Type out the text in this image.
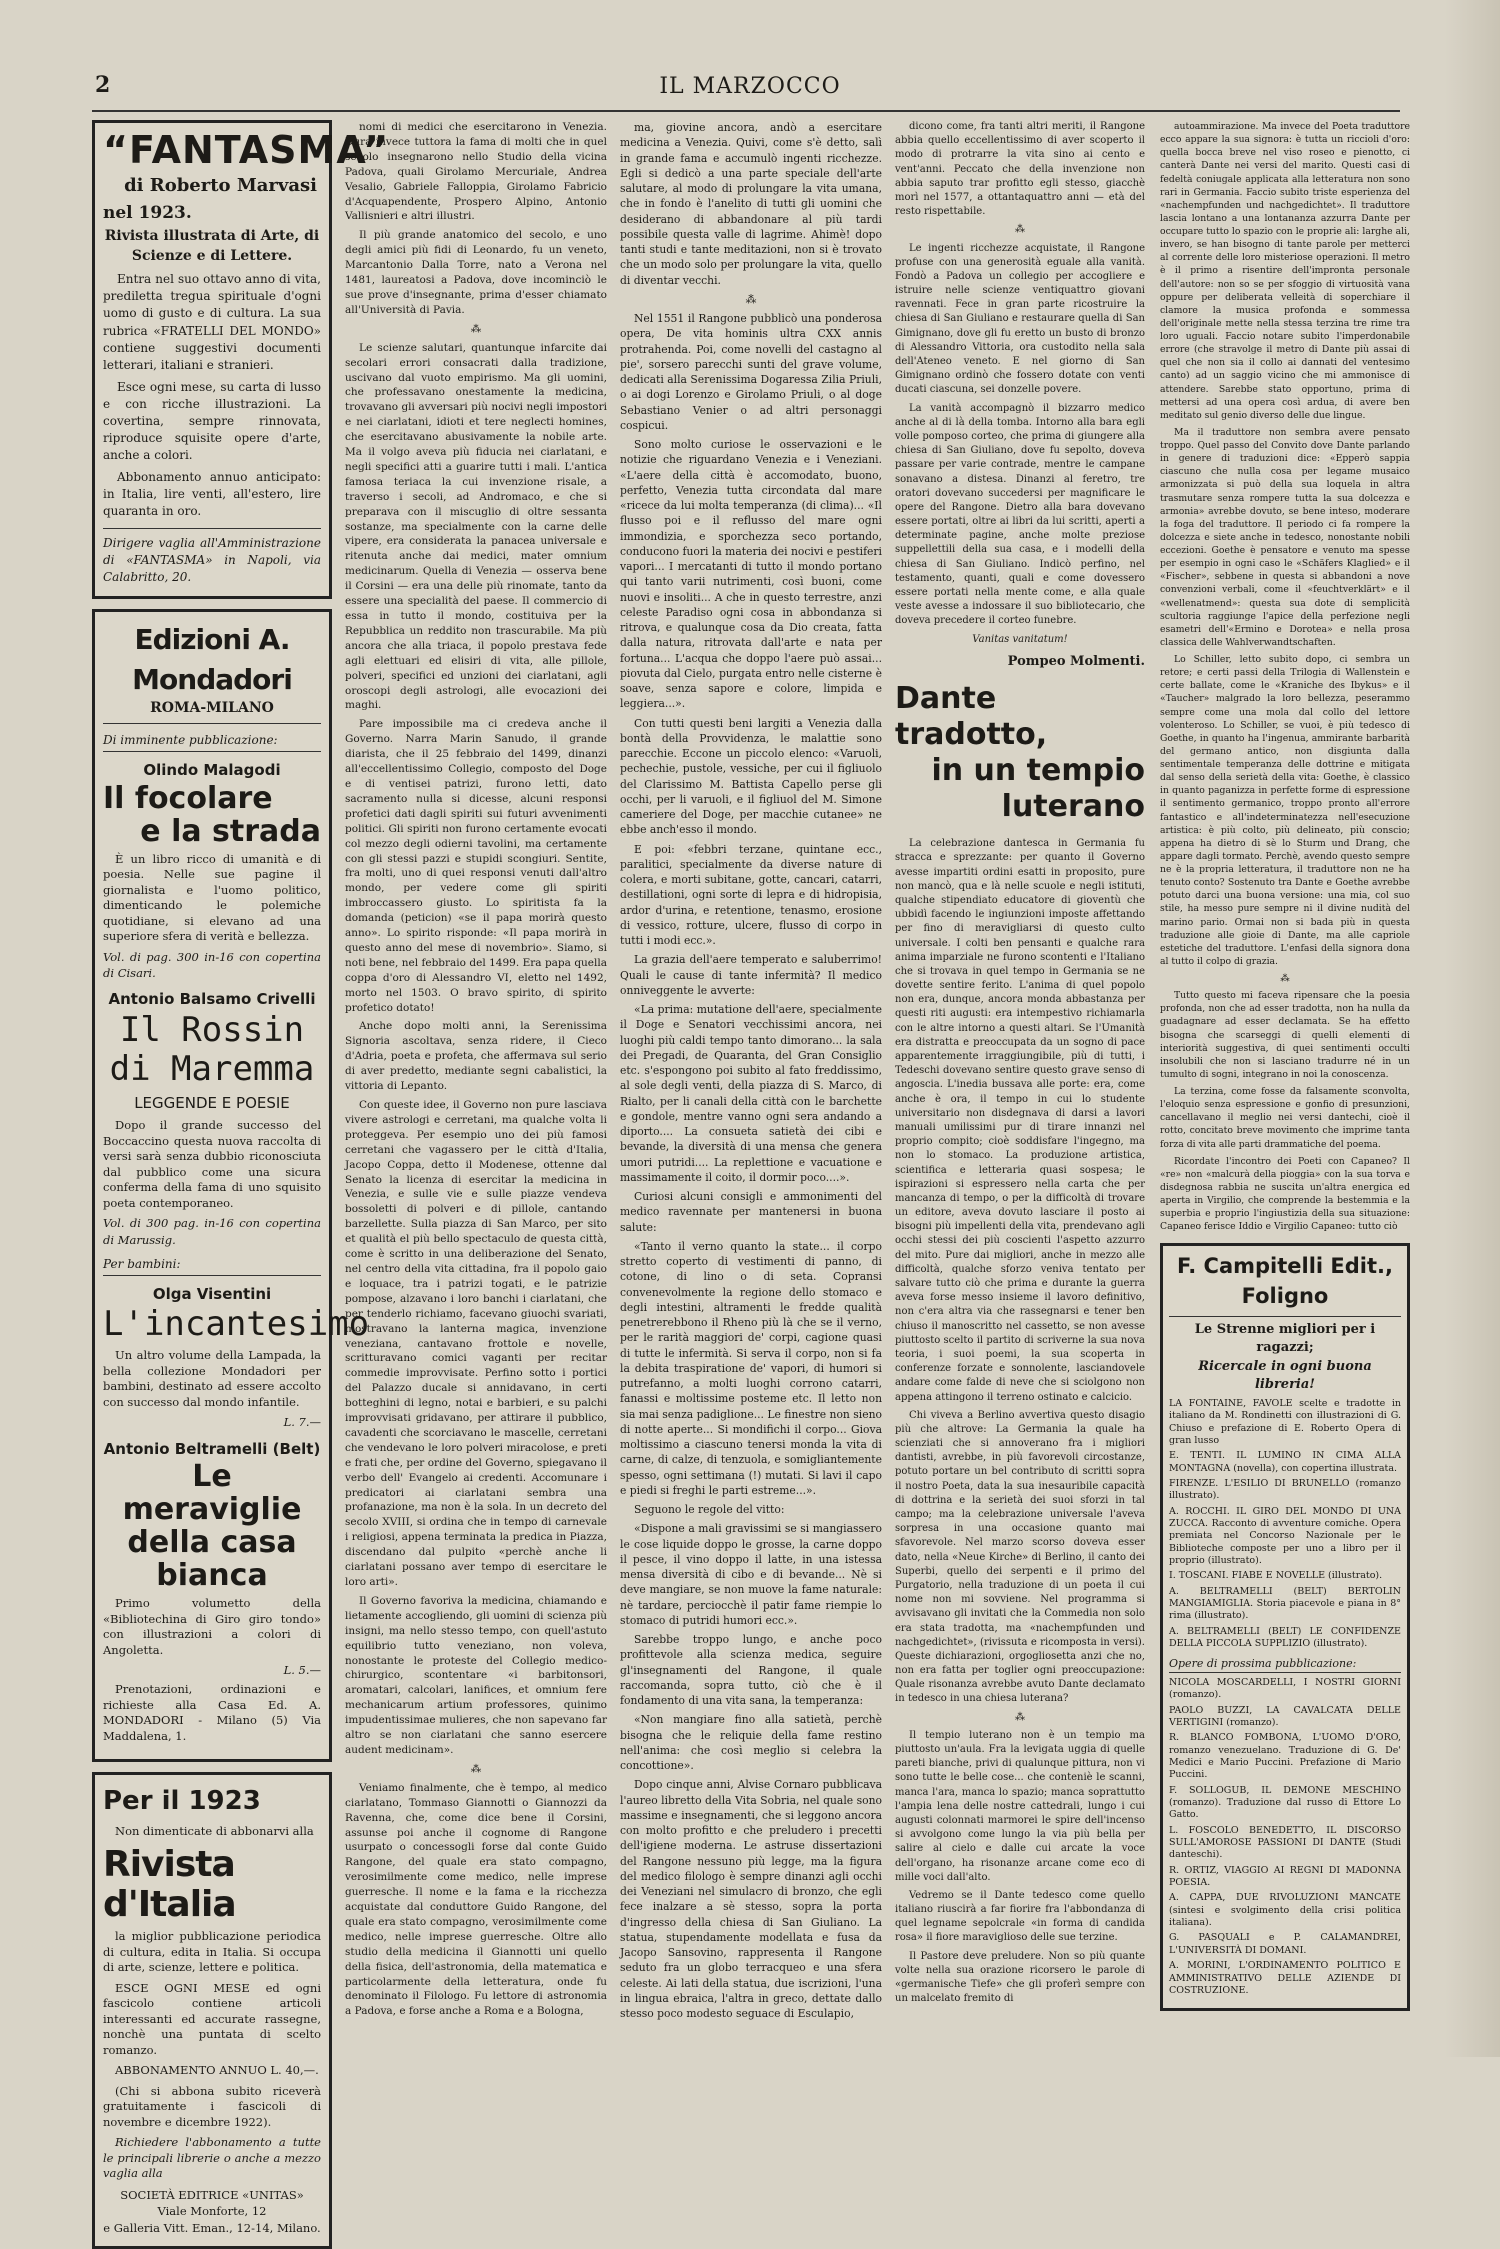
2	IL MARZOCCO
“FANTASMA”
di Roberto Marvasi
nel 1923.
Rivista illustrata di Arte, di Scienze e di Lettere.

Entra nel suo ottavo anno di vita, prediletta tregua spirituale d'ogni uomo di gusto e di cultura. La sua rubrica «FRATELLI DEL MONDO» contiene suggestivi documenti letterari, italiani e stranieri.

Esce ogni mese, su carta di lusso e con ricche illustrazioni. La covertina, sempre rinnovata, riproduce squisite opere d'arte, anche a colori.

Abbonamento annuo anticipato: in Italia, lire venti, all'estero, lire quaranta in oro.

Dirigere vaglia all'Amministrazione di «FANTASMA» in Napoli, via Calabritto, 20.
Edizioni A. Mondadori
ROMA-MILANO
Di imminente pubblicazione:
Olindo Malagodi
Il focolare
e la strada
È un libro ricco di umanità e di poesia. Nelle sue pagine il giornalista e l'uomo politico, dimenticando le polemiche quotidiane, si elevano ad una superiore sfera di verità e bellezza.
Vol. di pag. 300 in-16 con copertina di Cisari.
Antonio Balsamo Crivelli
Il Rossin
di Maremma
LEGGENDE E POESIE
Dopo il grande successo del Boccaccino questa nuova raccolta di versi sarà senza dubbio riconosciuta dal pubblico come una sicura conferma della fama di uno squisito poeta contemporaneo.
Vol. di 300 pag. in-16 con copertina di Marussig.
Per bambini:
Olga Visentini
L'incantesimo
Un altro volume della Lampada, la bella collezione Mondadori per bambini, destinato ad essere accolto con successo dal mondo infantile.
L. 7.—
Antonio Beltramelli (Belt)
Le meraviglie
della casa bianca
Primo volumetto della «Bibliotechina di Giro giro tondo» con illustrazioni a colori di Angoletta.
L. 5.—
Prenotazioni, ordinazioni e richieste alla Casa Ed. A. MONDADORI - Milano (5) Via Maddalena, 1.
Per il 1923

Non dimenticate di abbonarvi alla

Rivista d'Italia

la miglior pubblicazione periodica di cultura, edita in Italia. Si occupa di arte, scienze, lettere e politica.

ESCE OGNI MESE ed ogni fascicolo contiene articoli interessanti ed accurate rassegne, nonchè una puntata di scelto romanzo.

ABBONAMENTO ANNUO L. 40,—.

(Chi si abbona subito riceverà gratuitamente i fascicoli di novembre e dicembre 1922).

Richiedere l'abbonamento a tutte le principali librerie o anche a mezzo vaglia alla

SOCIETÀ EDITRICE «UNITAS»
Viale Monforte, 12
e Galleria Vitt. Eman., 12-14, Milano.

nomi di medici che esercitarono in Venezia. Dura invece tuttora la fama di molti che in quel secolo insegnarono nello Studio della vicina Padova, quali Girolamo Mercuriale, Andrea Vesalio, Gabriele Falloppia, Girolamo Fabricio d'Acquapendente, Prospero Alpino, Antonio Vallisnieri e altri illustri.

Il più grande anatomico del secolo, e uno degli amici più fidi di Leonardo, fu un veneto, Marcantonio Dalla Torre, nato a Verona nel 1481, laureatosi a Padova, dove incominciò le sue prove d'insegnante, prima d'esser chiamato all'Università di Pavia.

⁂

Le scienze salutari, quantunque infarcite dai secolari errori consacrati dalla tradizione, uscivano dal vuoto empirismo. Ma gli uomini, che professavano onestamente la medicina, trovavano gli avversari più nocivi negli impostori e nei ciarlatani, idioti et tere neglecti homines, che esercitavano abusivamente la nobile arte. Ma il volgo aveva più fiducia nei ciarlatani, e negli specifici atti a guarire tutti i mali. L'antica famosa teriaca la cui invenzione risale, a traverso i secoli, ad Andromaco, e che si preparava con il miscuglio di oltre sessanta sostanze, ma specialmente con la carne delle vipere, era considerata la panacea universale e ritenuta anche dai medici, mater omnium medicinarum. Quella di Venezia — osserva bene il Corsini — era una delle più rinomate, tanto da essere una specialità del paese. Il commercio di essa in tutto il mondo, costituiva per la Repubblica un reddito non trascurabile. Ma più ancora che alla triaca, il popolo prestava fede agli elettuari ed elisiri di vita, alle pillole, polveri, specifici ed unzioni dei ciarlatani, agli oroscopi degli astrologi, alle evocazioni dei maghi.

Pare impossibile ma ci credeva anche il Governo. Narra Marin Sanudo, il grande diarista, che il 25 febbraio del 1499, dinanzi all'eccellentissimo Collegio, composto del Doge e di ventisei patrizi, furono letti, dato sacramento nulla si dicesse, alcuni responsi profetici dati dagli spiriti sui futuri avvenimenti politici. Gli spiriti non furono certamente evocati col mezzo degli odierni tavolini, ma certamente con gli stessi pazzi e stupidi scongiuri. Sentite, fra molti, uno di quei responsi venuti dall'altro mondo, per vedere come gli spiriti imbroccassero giusto. Lo spiritista fa la domanda (peticion) «se il papa morirà questo anno». Lo spirito risponde: «Il papa morirà in questo anno del mese di novembrio». Siamo, si noti bene, nel febbraio del 1499. Era papa quella coppa d'oro di Alessandro VI, eletto nel 1492, morto nel 1503. O bravo spirito, di spirito profetico dotato!

Anche dopo molti anni, la Serenissima Signoria ascoltava, senza ridere, il Cieco d'Adria, poeta e profeta, che affermava sul serio di aver predetto, mediante segni cabalistici, la vittoria di Lepanto.

Con queste idee, il Governo non pure lasciava vivere astrologi e cerretani, ma qualche volta li proteggeva. Per esempio uno dei più famosi cerretani che vagassero per le città d'Italia, Jacopo Coppa, detto il Modenese, ottenne dal Senato la licenza di esercitar la medicina in Venezia, e sulle vie e sulle piazze vendeva bossoletti di polveri e di pillole, cantando barzellette. Sulla piazza di San Marco, per sito et qualità el più bello spectaculo de questa città, come è scritto in una deliberazione del Senato, nel centro della vita cittadina, fra il popolo gaio e loquace, tra i patrizi togati, e le patrizie pompose, alzavano i loro banchi i ciarlatani, che per tenderlo richiamo, facevano giuochi svariati, mostravano la lanterna magica, invenzione veneziana, cantavano frottole e novelle, scritturavano comici vaganti per recitar commedie improvvisate. Perfino sotto i portici del Palazzo ducale si annidavano, in certi botteghini di legno, notai e barbieri, e su palchi improvvisati gridavano, per attirare il pubblico, cavadenti che scorciavano le mascelle, cerretani che vendevano le loro polveri miracolose, e preti e frati che, per ordine del Governo, spiegavano il verbo dell' Evangelo ai credenti. Accomunare i predicatori ai ciarlatani sembra una profanazione, ma non è la sola. In un decreto del secolo XVIII, si ordina che in tempo di carnevale i religiosi, appena terminata la predica in Piazza, discendano dal pulpito «perchè anche li ciarlatani possano aver tempo di esercitare le loro arti».

Il Governo favoriva la medicina, chiamando e lietamente accogliendo, gli uomini di scienza più insigni, ma nello stesso tempo, con quell'astuto equilibrio tutto veneziano, non voleva, nonostante le proteste del Collegio medico-chirurgico, scontentare «i barbitonsori, aromatari, calcolari, lanifices, et omnium fere mechanicarum artium professores, quinimo impudentissimae mulieres, che non sapevano far altro se non ciarlatani che sanno esercere audent medicinam».

⁂

Veniamo finalmente, che è tempo, al medico ciarlatano, Tommaso Giannotti o Giannozzi da Ravenna, che, come dice bene il Corsini, assunse poi anche il cognome di Rangone usurpato o concessogli forse dal conte Guido Rangone, del quale era stato compagno, verosimilmente come medico, nelle imprese guerresche. Il nome e la fama e la ricchezza acquistate dal conduttore Guido Rangone, del quale era stato compagno, verosimilmente come medico, nelle imprese guerresche. Oltre allo studio della medicina il Giannotti uni quello della fisica, dell'astronomia, della matematica e particolarmente della letteratura, onde fu denominato il Filologo. Fu lettore di astronomia a Padova, e forse anche a Roma e a Bologna,

ma, giovine ancora, andò a esercitare medicina a Venezia. Quivi, come s'è detto, salì in grande fama e accumulò ingenti ricchezze. Egli si dedicò a una parte speciale dell'arte salutare, al modo di prolungare la vita umana, che in fondo è l'anelito di tutti gli uomini che desiderano di abbandonare al più tardi possibile questa valle di lagrime. Ahimè! dopo tanti studi e tante meditazioni, non si è trovato che un modo solo per prolungare la vita, quello di diventar vecchi.

⁂

Nel 1551 il Rangone pubblicò una ponderosa opera, De vita hominis ultra CXX annis protrahenda. Poi, come novelli del castagno al pie', sorsero parecchi sunti del grave volume, dedicati alla Serenissima Dogaressa Zilia Priuli, o ai dogi Lorenzo e Girolamo Priuli, o al doge Sebastiano Venier o ad altri personaggi cospicui.

Sono molto curiose le osservazioni e le notizie che riguardano Venezia e i Veneziani. «L'aere della città è accomodato, buono, perfetto, Venezia tutta circondata dal mare «ricece da lui molta temperanza (di clima)... «Il flusso poi e il reflusso del mare ogni immondizia, e sporchezza seco portando, conducono fuori la materia dei nocivi e pestiferi vapori... I mercatanti di tutto il mondo portano qui tanto varii nutrimenti, così buoni, come nuovi e insoliti... A che in questo terrestre, anzi celeste Paradiso ogni cosa in abbondanza si ritrova, e qualunque cosa da Dio creata, fatta dalla natura, ritrovata dall'arte e nata per fortuna... L'acqua che doppo l'aere può assai... piovuta dal Cielo, purgata entro nelle cisterne è soave, senza sapore e colore, limpida e leggiera...».

Con tutti questi beni largiti a Venezia dalla bontà della Provvidenza, le malattie sono parecchie. Eccone un piccolo elenco: «Varuoli, pechechie, pustole, vessiche, per cui il figliuolo del Clarissimo M. Battista Capello perse gli occhi, per li varuoli, e il figliuol del M. Simone cameriere del Doge, per macchie cutanee» ne ebbe anch'esso il mondo.

E poi: «febbri terzane, quintane ecc., paralitici, specialmente da diverse nature di colera, e morti subitane, gotte, cancari, catarri, destillationi, ogni sorte di lepra e di hidropisia, ardor d'urina, e retentione, tenasmo, erosione di vessico, rotture, ulcere, flusso di corpo in tutti i modi ecc.».

La grazia dell'aere temperato e saluberrimo! Quali le cause di tante infermità? Il medico onniveggente le avverte:

«La prima: mutatione dell'aere, specialmente il Doge e Senatori vecchissimi ancora, nei luoghi più caldi tempo tanto dimorano... la sala dei Pregadi, de Quaranta, del Gran Consiglio etc. s'espongono poi subito al fato freddissimo, al sole degli venti, della piazza di S. Marco, di Rialto, per li canali della città con le barchette e gondole, mentre vanno ogni sera andando a diporto.... La consueta satietà dei cibi e bevande, la diversità di una mensa che genera umori putridi.... La replettione e vacuatione e massimamente il coito, il dormir poco....».

Curiosi alcuni consigli e ammonimenti del medico ravennate per mantenersi in buona salute:

«Tanto il verno quanto la state... il corpo stretto coperto di vestimenti di panno, di cotone, di lino o di seta. Copransi convenevolmente la regione dello stomaco e degli intestini, altramenti le fredde qualità penetrerebbono il Rheno più là che se il verno, per le rarità maggiori de' corpi, cagione quasi di tutte le infermità. Si serva il corpo, non si fa la debita traspiratione de' vapori, di humori si putrefanno, a molti luoghi corrono catarri, fanassi e moltissime posteme etc. Il letto non sia mai senza padiglione... Le finestre non sieno di notte aperte... Si mondifichi il corpo... Giova moltissimo a ciascuno tenersi monda la vita di carne, di calze, di tenzuola, e somigliantemente spesso, ogni settimana (!) mutati. Si lavi il capo e piedi si freghi le parti estreme...».

Seguono le regole del vitto:

«Dispone a mali gravissimi se si mangiassero le cose liquide doppo le grosse, la carne doppo il pesce, il vino doppo il latte, in una istessa mensa diversità di cibo e di bevande... Nè si deve mangiare, se non muove la fame naturale: nè tardare, perciocchè il patir fame riempie lo stomaco di putridi humori ecc.».

Sarebbe troppo lungo, e anche poco profittevole alla scienza medica, seguire gl'insegnamenti del Rangone, il quale raccomanda, sopra tutto, ciò che è il fondamento di una vita sana, la temperanza:

«Non mangiare fino alla satietà, perchè bisogna che le reliquie della fame restino nell'anima: che così meglio si celebra la concottione».

Dopo cinque anni, Alvise Cornaro pubblicava l'aureo libretto della Vita Sobria, nel quale sono massime e insegnamenti, che si leggono ancora con molto profitto e che preludero i precetti dell'igiene moderna. Le astruse dissertazioni del Rangone nessuno più legge, ma la figura del medico filologo è sempre dinanzi agli occhi dei Veneziani nel simulacro di bronzo, che egli fece inalzare a sè stesso, sopra la porta d'ingresso della chiesa di San Giuliano. La statua, stupendamente modellata e fusa da Jacopo Sansovino, rappresenta il Rangone seduto fra un globo terracqueo e una sfera celeste. Ai lati della statua, due iscrizioni, l'una in lingua ebraica, l'altra in greco, dettate dallo stesso poco modesto seguace di Esculapio,

dicono come, fra tanti altri meriti, il Rangone abbia quello eccellentissimo di aver scoperto il modo di protrarre la vita sino ai cento e vent'anni. Peccato che della invenzione non abbia saputo trar profitto egli stesso, giacchè morì nel 1577, a ottantaquattro anni — età del resto rispettabile.

⁂

Le ingenti ricchezze acquistate, il Rangone profuse con una generosità eguale alla vanità. Fondò a Padova un collegio per accogliere e istruire nelle scienze ventiquattro giovani ravennati. Fece in gran parte ricostruire la chiesa di San Giuliano e restaurare quella di San Gimignano, dove gli fu eretto un busto di bronzo di Alessandro Vittoria, ora custodito nella sala dell'Ateneo veneto. E nel giorno di San Gimignano ordinò che fossero dotate con venti ducati ciascuna, sei donzelle povere.

La vanità accompagnò il bizzarro medico anche al di là della tomba. Intorno alla bara egli volle pomposo corteo, che prima di giungere alla chiesa di San Giuliano, dove fu sepolto, doveva passare per varie contrade, mentre le campane sonavano a distesa. Dinanzi al feretro, tre oratori dovevano succedersi per magnificare le opere del Rangone. Dietro alla bara dovevano essere portati, oltre ai libri da lui scritti, aperti a determinate pagine, anche molte preziose suppellettili della sua casa, e i modelli della chiesa di San Giuliano. Indicò perfino, nel testamento, quanti, quali e come dovessero essere portati nella mente come, e alla quale veste avesse a indossare il suo bibliotecario, che doveva precedere il corteo funebre.

Vanitas vanitatum!
Pompeo Molmenti.
Dante tradotto,
in un tempio
luterano

La celebrazione dantesca in Germania fu stracca e sprezzante: per quanto il Governo avesse impartiti ordini esatti in proposito, pure non mancò, qua e là nelle scuole e negli istituti, qualche stipendiato educatore di gioventù che ubbidì facendo le ingiunzioni imposte affettando per fino di meravigliarsi di questo culto universale. I colti ben pensanti e qualche rara anima imparziale ne furono scontenti e l'Italiano che si trovava in quel tempo in Germania se ne dovette sentire ferito. L'anima di quel popolo non era, dunque, ancora monda abbastanza per questi riti augusti: era intempestivo richiamarla con le altre intorno a questi altari. Se l'Umanità era distratta e preoccupata da un sogno di pace apparentemente irraggiungibile, più di tutti, i Tedeschi dovevano sentire questo grave senso di angoscia. L'inedia bussava alle porte: era, come anche è ora, il tempo in cui lo studente universitario non disdegnava di darsi a lavori manuali umilissimi pur di tirare innanzi nel proprio compito; cioè soddisfare l'ingegno, ma non lo stomaco. La produzione artistica, scientifica e letteraria quasi sospesa; le ispirazioni si espressero nella carta che per mancanza di tempo, o per la difficoltà di trovare un editore, aveva dovuto lasciare il posto ai bisogni più impellenti della vita, prendevano agli occhi stessi dei più coscienti l'aspetto azzurro del mito. Pure dai migliori, anche in mezzo alle difficoltà, qualche sforzo veniva tentato per salvare tutto ciò che prima e durante la guerra aveva forse messo insieme il lavoro definitivo, non c'era altra via che rassegnarsi e tener ben chiuso il manoscritto nel cassetto, se non avesse piuttosto scelto il partito di scriverne la sua nova teoria, i suoi poemi, la sua scoperta in conferenze forzate e sonnolente, lasciandovele andare come falde di neve che si sciolgono non appena attingono il terreno ostinato e calcicio.

Chi viveva a Berlino avvertiva questo disagio più che altrove: La Germania la quale ha scienziati che si annoverano fra i migliori dantisti, avrebbe, in più favorevoli circostanze, potuto portare un bel contributo di scritti sopra il nostro Poeta, data la sua inesauribile capacità di dottrina e la serietà dei suoi sforzi in tal campo; ma la celebrazione universale l'aveva sorpresa in una occasione quanto mai sfavorevole. Nel marzo scorso doveva esser dato, nella «Neue Kirche» di Berlino, il canto dei Superbi, quello dei serpenti e il primo del Purgatorio, nella traduzione di un poeta il cui nome non mi sovviene. Nel programma si avvisavano gli invitati che la Commedia non solo era stata tradotta, ma «nachempfunden und nachgedichtet», (rivissuta e ricomposta in versi). Queste dichiarazioni, orgogliosetta anzi che no, non era fatta per toglier ogni preoccupazione: Quale risonanza avrebbe avuto Dante declamato in tedesco in una chiesa luterana?

⁂

Il tempio luterano non è un tempio ma piuttosto un'aula. Fra la levigata uggia di quelle pareti bianche, privi di qualunque pittura, non vi sono tutte le belle cose... che conteniè le scanni, manca l'ara, manca lo spazio; manca soprattutto l'ampia lena delle nostre cattedrali, lungo i cui augusti colonnati marmorei le spire dell'incenso si avvolgono come lungo la via più bella per salire al cielo e dalle cui arcate la voce dell'organo, ha risonanze arcane come eco di mille voci dall'alto.

Vedremo se il Dante tedesco come quello italiano riuscirà a far fiorire fra l'abbondanza di quel legname sepolcrale «in forma di candida rosa» il fiore maraviglioso delle sue terzine.

Il Pastore deve preludere. Non so più quante volte nella sua orazione ricorsero le parole di «germanische Tiefe» che gli proferì sempre con un malcelato fremito di

autoammirazione. Ma invece del Poeta traduttore ecco appare la sua signora: è tutta un riccioli d'oro: quella bocca breve nel viso roseo e pienotto, ci canterà Dante nei versi del marito. Questi casi di fedeltà coniugale applicata alla letteratura non sono rari in Germania. Faccio subito triste esperienza del «nachempfunden und nachgedichtet». Il traduttore lascia lontano a una lontananza azzurra Dante per occupare tutto lo spazio con le proprie ali: larghe ali, invero, se han bisogno di tante parole per metterci al corrente delle loro misteriose operazioni. Il metro è il primo a risentire dell'impronta personale dell'autore: non so se per sfoggio di virtuosità vana oppure per deliberata velleità di soperchiare il clamore la musica profonda e sommessa dell'originale mette nella stessa terzina tre rime tra loro uguali. Faccio notare subito l'imperdonabile errore (che stravolge il metro di Dante più assai di quel che non sia il collo ai dannati del ventesimo canto) ad un saggio vicino che mi ammonisce di attendere. Sarebbe stato opportuno, prima di mettersi ad una opera così ardua, di avere ben meditato sul genio diverso delle due lingue.

Ma il traduttore non sembra avere pensato troppo. Quel passo del Convito dove Dante parlando in genere di traduzioni dice: «Epperò sappia ciascuno che nulla cosa per legame musaico armonizzata si può della sua loquela in altra trasmutare senza rompere tutta la sua dolcezza e armonia» avrebbe dovuto, se bene inteso, moderare la foga del traduttore. Il periodo ci fa rompere la dolcezza e siete anche in tedesco, nonostante nobili eccezioni. Goethe è pensatore e venuto ma spesse per esempio in ogni caso le «Schäfers Klaglied» e il «Fischer», sebbene in questa si abbandoni a nove convenzioni verbali, come il «feuchtverklärt» e il «wellenatmend»: questa sua dote di semplicità scultoria raggiunge l'apice della perfezione negli esametri dell'«Ermino e Dorotea» e nella prosa classica delle Wahlverwandtschaften.

Lo Schiller, letto subito dopo, ci sembra un retore; e certi passi della Trilogia di Wallenstein e certe ballate, come le «Kraniche des Ibykus» e il «Taucher» malgrado la loro bellezza, peserammo sempre come una mola dal collo del lettore volenteroso. Lo Schiller, se vuoi, è più tedesco di Goethe, in quanto ha l'ingenua, ammirante barbarità del germano antico, non disgiunta dalla sentimentale temperanza delle dottrine e mitigata dal senso della serietà della vita: Goethe, è classico in quanto paganizza in perfette forme di espressione il sentimento germanico, troppo pronto all'errore fantastico e all'indeterminatezza nell'esecuzione artistica: è più colto, più delineato, più conscio; appena ha dietro di sè lo Sturm und Drang, che appare dagli tormato. Perchè, avendo questo sempre ne è la propria letteratura, il traduttore non ne ha tenuto conto? Sostenuto tra Dante e Goethe avrebbe potuto darci una buona versione: una mia, col suo stile, ha messo pure sempre ni il divine nudità del marino pario. Ormai non si bada più in questa traduzione alle gioie di Dante, ma alle capriole estetiche del traduttore. L'enfasi della signora dona al tutto il colpo di grazia.

⁂

Tutto questo mi faceva ripensare che la poesia profonda, non che ad esser tradotta, non ha nulla da guadagnare ad esser declamata. Se ha effetto bisogna che scarseggi di quelli elementi di interiorità suggestiva, di quei sentimenti occulti insolubili che non si lasciano tradurre né in un tumulto di sogni, integrano in noi la conoscenza.

La terzina, come fosse da falsamente sconvolta, l'eloquio senza espressione e gonfio di presunzioni, cancellavano il meglio nei versi dantechi, cioè il rotto, concitato breve movimento che imprime tanta forza di vita alle parti drammatiche del poema.

Ricordate l'incontro dei Poeti con Capaneo? Il «re» non «malcurà della pioggia» con la sua torva e disdegnosa rabbia ne suscita un'altra energica ed aperta in Virgilio, che comprende la bestemmia e la superbia e proprio l'ingiustizia della sua situazione: Capaneo ferisce Iddio e Virgilio Capaneo: tutto ciò

F. Campitelli Edit., Foligno
Le Strenne migliori per i ragazzi;
Ricercale in ogni buona libreria!
LA FONTAINE, FAVOLE scelte e tradotte in italiano da M. Rondinetti con illustrazioni di G. Chiuso e prefazione di E. Roberto Opera di gran lusso
E. TENTI. IL LUMINO IN CIMA ALLA MONTAGNA (novella), con copertina illustrata.
FIRENZE. L'ESILIO DI BRUNELLO (romanzo illustrato).
A. ROCCHI. IL GIRO DEL MONDO DI UNA ZUCCA. Racconto di avventure comiche. Opera premiata nel Concorso Nazionale per le Biblioteche composte per uno a libro per il proprio (illustrato).
I. TOSCANI. FIABE E NOVELLE (illustrato).
A. BELTRAMELLI (BELT) BERTOLIN MANGIAMIGLIA. Storia piacevole e piana in 8° rima (illustrato).
A. BELTRAMELLI (BELT) LE CONFIDENZE DELLA PICCOLA SUPPLIZIO (illustrato).
Opere di prossima pubblicazione:
NICOLA MOSCARDELLI, I NOSTRI GIORNI (romanzo).
PAOLO BUZZI, LA CAVALCATA DELLE VERTIGINI (romanzo).
R. BLANCO FOMBONA, L'UOMO D'ORO, romanzo venezuelano. Traduzione di G. De' Medici e Mario Puccini. Prefazione di Mario Puccini.
F. SOLLOGUB, IL DEMONE MESCHINO (romanzo). Traduzione dal russo di Ettore Lo Gatto.
L. FOSCOLO BENEDETTO, IL DISCORSO SULL'AMOROSE PASSIONI DI DANTE (Studi danteschi).
R. ORTIZ, VIAGGIO AI REGNI DI MADONNA POESIA.
A. CAPPA, DUE RIVOLUZIONI MANCATE (sintesi e svolgimento della crisi politica italiana).
G. PASQUALI e P. CALAMANDREI, L'UNIVERSITÀ DI DOMANI.
A. MORINI, L'ORDINAMENTO POLITICO E AMMINISTRATIVO DELLE AZIENDE DI COSTRUZIONE.
